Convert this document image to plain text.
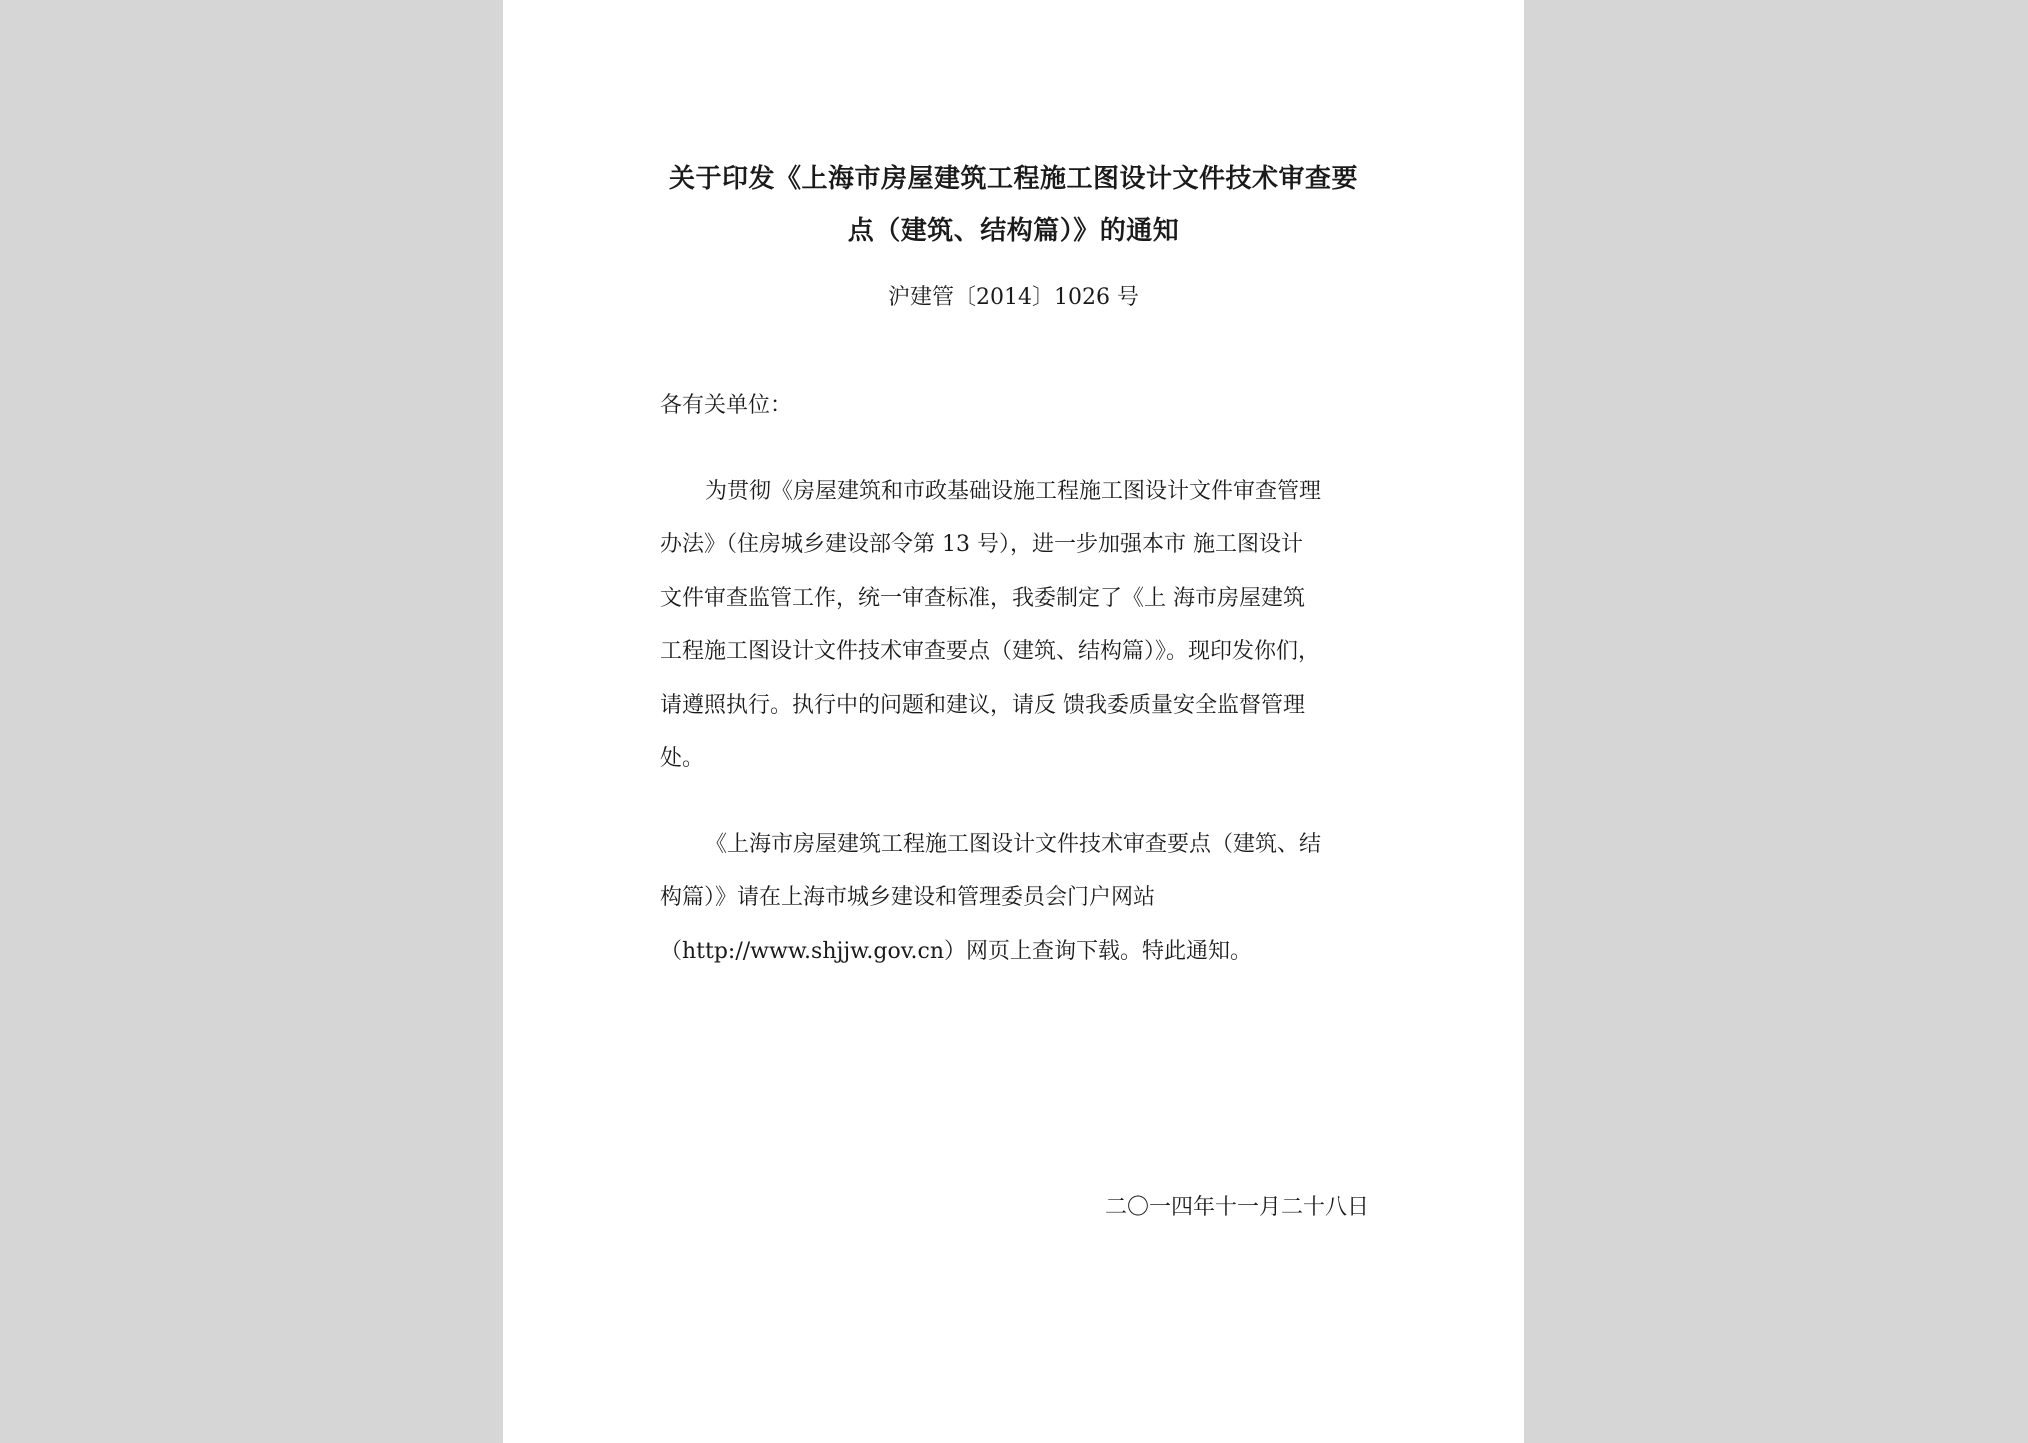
关于印发《上海市房屋建筑工程施工图设计文件技术审查要
点（建筑、结构篇）》的通知
沪建管〔2014〕1026 号
各有关单位：
为贯彻《房屋建筑和市政基础设施工程施工图设计文件审查管理
办法》（住房城乡建设部令第 13 号），进一步加强本市 施工图设计
文件审查监管工作，统一审查标准，我委制定了《上 海市房屋建筑
工程施工图设计文件技术审查要点（建筑、结构篇）》。现印发你们，
请遵照执行。执行中的问题和建议，请反 馈我委质量安全监督管理
处。
《上海市房屋建筑工程施工图设计文件技术审查要点（建筑、结
构篇）》请在上海市城乡建设和管理委员会门户网站
（http://www.shjjw.gov.cn）网页上查询下载。特此通知。
二〇一四年十一月二十八日
